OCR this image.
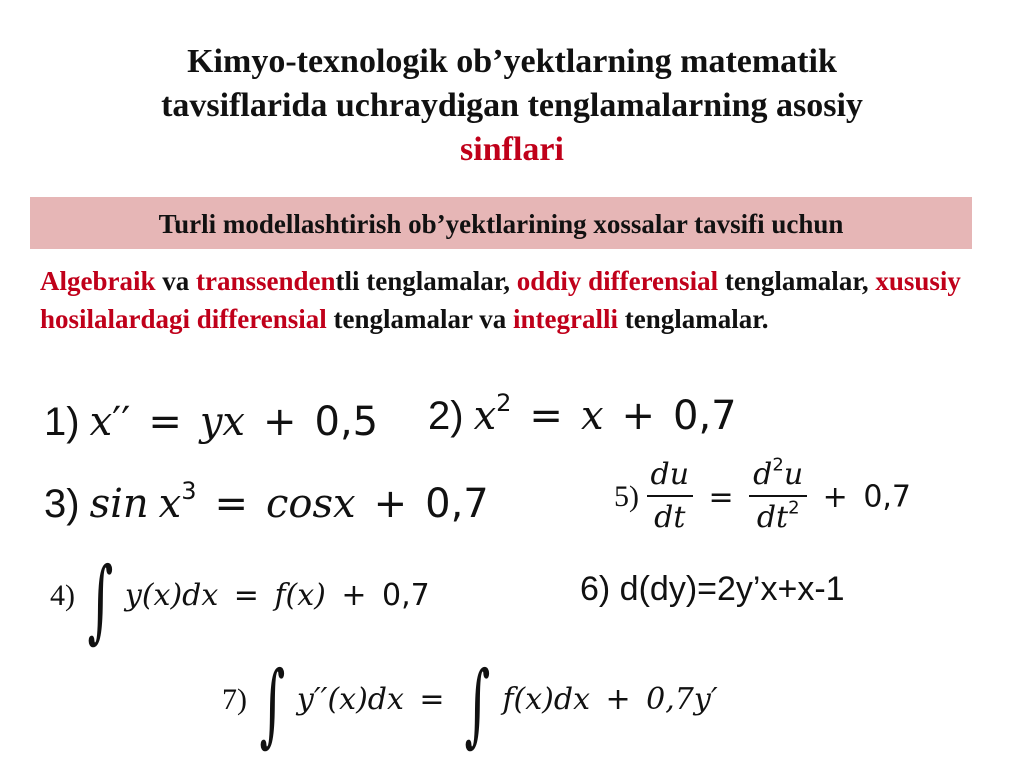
Kimyo-texnologik ob’yektlarning matematik
tavsiflarida uchraydigan tenglamalarning asosiy
sinflari
Turli modellashtirish ob’yektlarining xossalar tavsifi uchun
Algebraik va transsendentli tenglamalar, oddiy differensial tenglamalar, xususiy hosilalardagi differensial tenglamalar va integralli tenglamalar.
1) x′′ = yx + 0,5 2) $x^2 = x + 0,7$
3) $\sin x^3 = \cos x + 0,7$
4) ∫ y(x)dx = f(x) + 0,7
$5) \frac{du}{dt} = \frac{d^2u}{dt^2} + 0,7$
6) d(dy)=2y’x+x-1
7) ∫ y′′(x)dx = ∫ f(x)dx + 0,7y′
